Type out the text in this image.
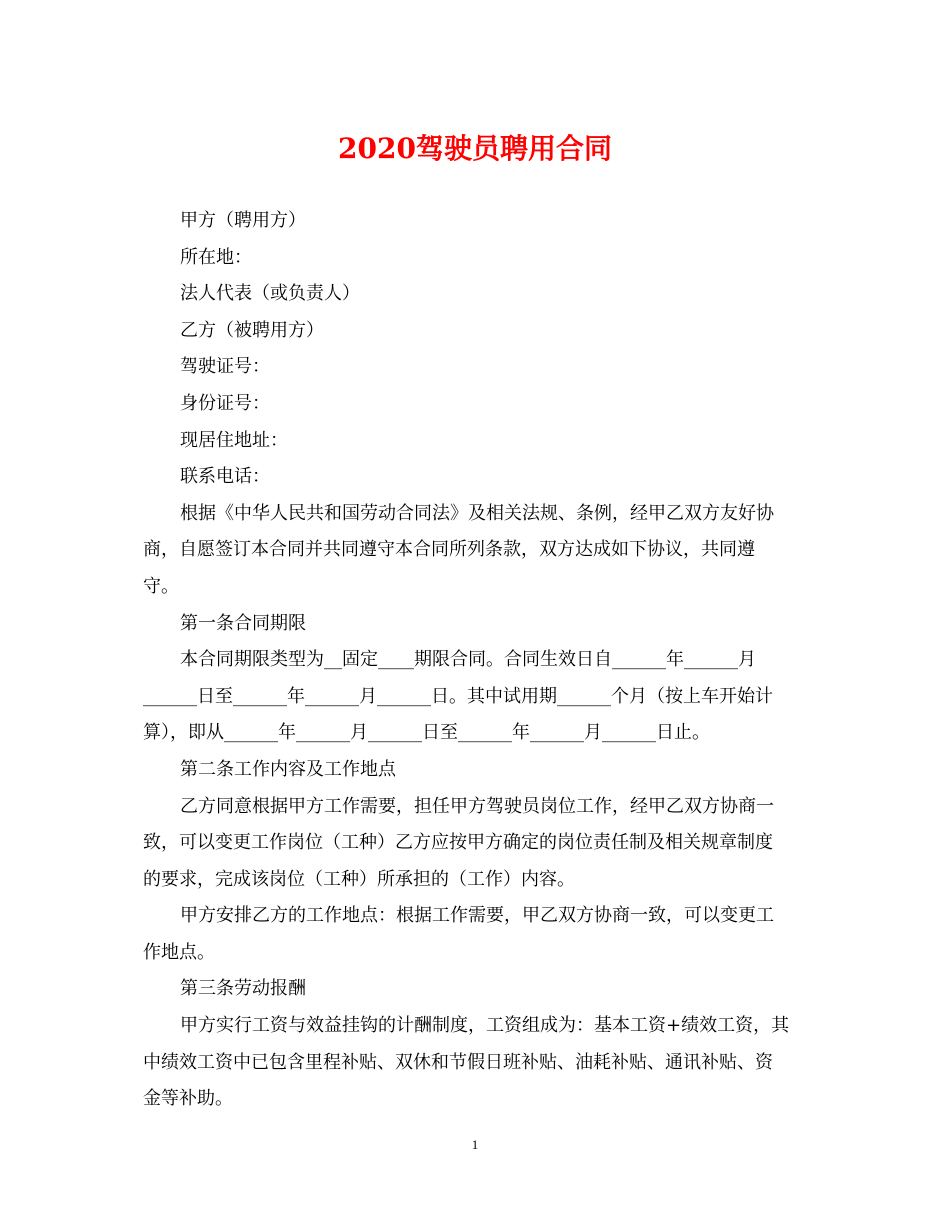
2020驾驶员聘用合同
甲方（聘用方）
所在地：
法人代表（或负责人）
乙方（被聘用方）
驾驶证号：
身份证号：
现居住地址：
联系电话：
根据《中华人民共和国劳动合同法》及相关法规、条例，经甲乙双方友好协
商，自愿签订本合同并共同遵守本合同所列条款，双方达成如下协议，共同遵
守。
第一条合同期限
本合同期限类型为__固定____期限合同。合同生效日自______年______月
______日至______年______月______日。其中试用期______个月（按上车开始计
算），即从______年______月______日至______年______月______日止。
第二条工作内容及工作地点
乙方同意根据甲方工作需要，担任甲方驾驶员岗位工作，经甲乙双方协商一
致，可以变更工作岗位（工种）乙方应按甲方确定的岗位责任制及相关规章制度
的要求，完成该岗位（工种）所承担的（工作）内容。
甲方安排乙方的工作地点：根据工作需要，甲乙双方协商一致，可以变更工
作地点。
第三条劳动报酬
甲方实行工资与效益挂钩的计酬制度，工资组成为：基本工资+绩效工资，其
中绩效工资中已包含里程补贴、双休和节假日班补贴、油耗补贴、通讯补贴、资
金等补助。
1
